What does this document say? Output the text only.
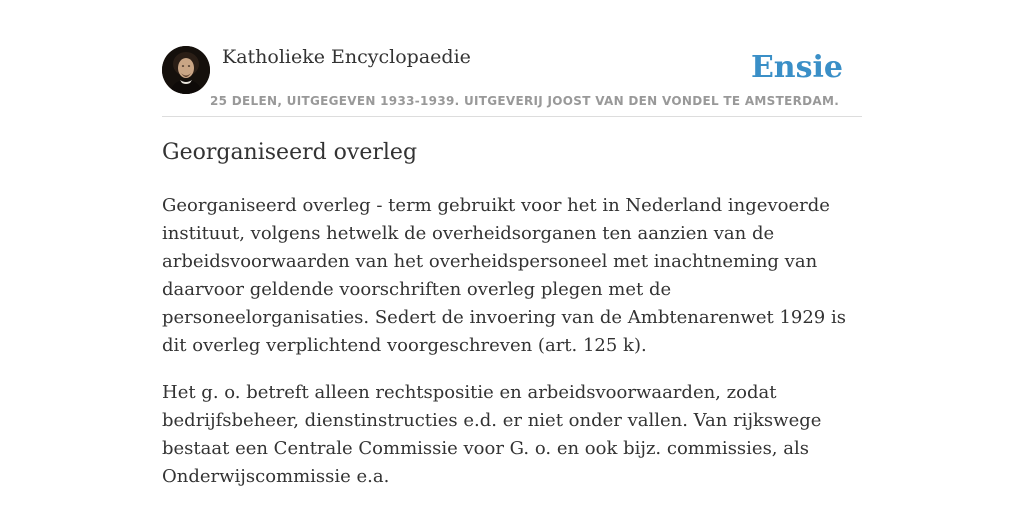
Katholieke Encyclopaedie
25 DELEN, UITGEGEVEN 1933-1939. UITGEVERIJ JOOST VAN DEN VONDEL TE AMSTERDAM.
Ensie
Georganiseerd overleg

Georganiseerd overleg - term gebruikt voor het in Nederland ingevoerde instituut, volgens hetwelk de overheidsorganen ten aanzien van de arbeidsvoorwaarden van het overheidspersoneel met inachtneming van daarvoor geldende voorschriften overleg plegen met de personeelorganisaties. Sedert de invoering van de Ambtenarenwet 1929 is dit overleg verplichtend voorgeschreven (art. 125 k).

Het g. o. betreft alleen rechtspositie en arbeidsvoorwaarden, zodat bedrijfsbeheer, dienstinstructies e.d. er niet onder vallen. Van rijkswege bestaat een Centrale Commissie voor G. o. en ook bijz. commissies, als Onderwijscommissie e.a.
